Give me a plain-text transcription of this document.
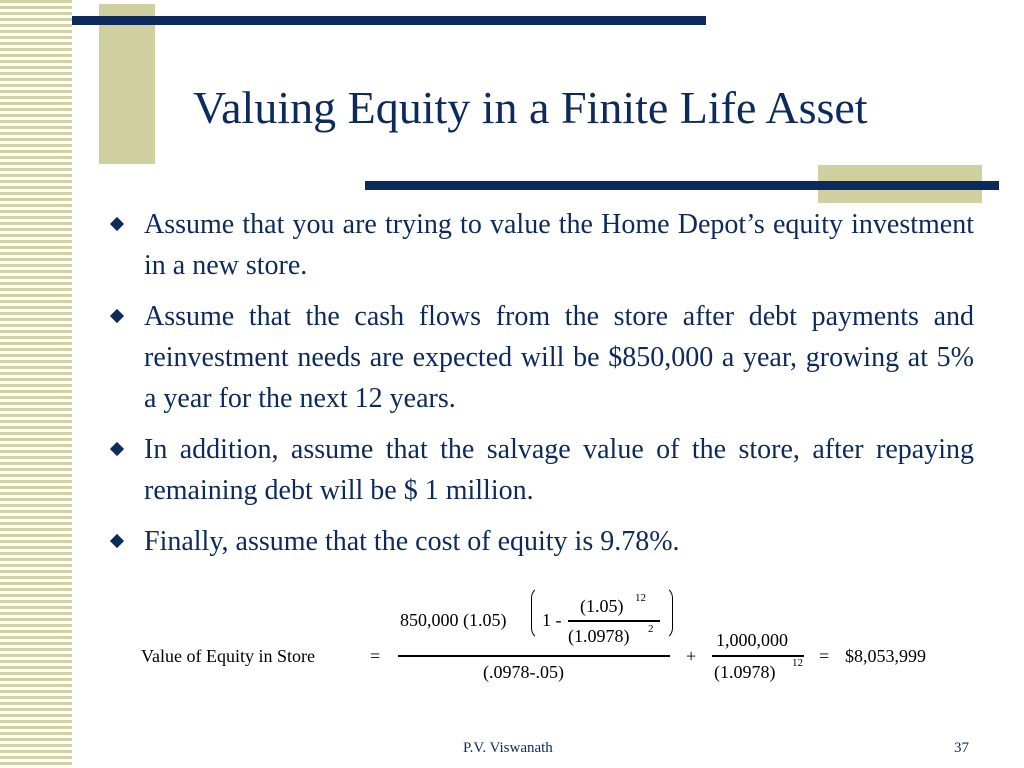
Valuing Equity in a Finite Life Asset
Assume that you are trying to value the Home Depot’s equity investment in a new store.
Assume that the cash flows from the store after debt payments and reinvestment needs are expected will be $850,000 a year, growing at 5% a year for the next 12 years.
In addition, assume that the salvage value of the store, after repaying remaining debt will be $ 1 million.
Finally, assume that the cost of equity is 9.78%.
Value of Equity in Store	=
850,000 (1.05) 1 -
(1.05) 12
(1.0978) 2
(.0978-.05)
+
1,000,000
(1.0978) 12 = $8,053,999
P.V. Viswanath	37
